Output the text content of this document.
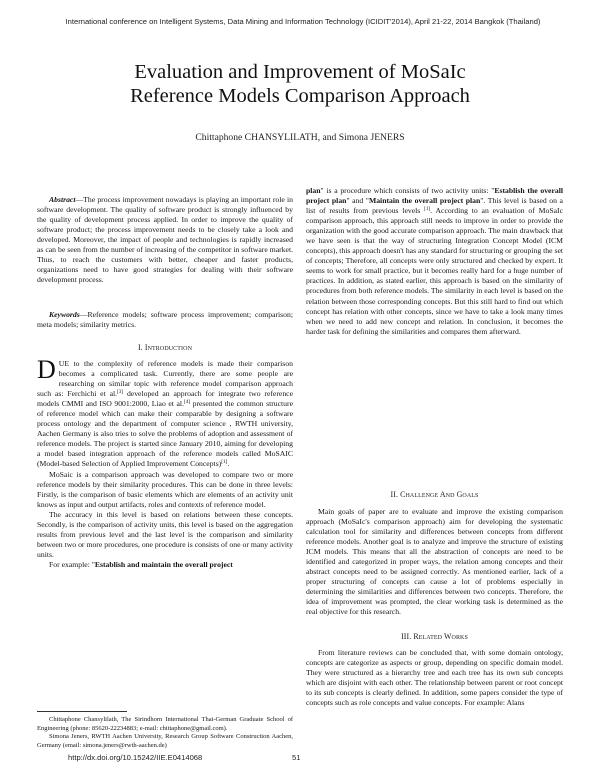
International conference on Intelligent Systems, Data Mining and Information Technology (ICIDIT'2014), April 21-22, 2014 Bangkok (Thailand)
Evaluation and Improvement of MoSaIc
Reference Models Comparison Approach
Chittaphone CHANSYLILATH, and Simona JENERS

Abstract—The process improvement nowadays is playing an important role in software development. The quality of software product is strongly influenced by the quality of development process applied. In order to improve the quality of software product; the process improvement needs to be closely take a look and developed. Moreover, the impact of people and technologies is rapidly increased as can be seen from the number of increasing of the competitor in software market. Thus, to reach the customers with better, cheaper and faster products, organizations need to have good strategies for dealing with their software development process.

Keywords—Reference models; software process improvement; comparison; meta models; similarity metrics.

I. Introduction

DUE to the complexity of reference models is made their comparison becomes a complicated task. Currently, there are some people are researching on similar topic with reference model comparison approach such as: Ferchichi et al.[3] developed an approach for integrate two reference models CMMI and ISO 9001:2000, Liao et al.[4] presented the common structure of reference model which can make their comparable by designing a software process ontology and the department of computer science , RWTH university, Aachen Germany is also tries to solve the problems of adoption and assessment of reference models. The project is started since January 2010, aiming for developing a model based integration approach of the reference models called MoSAIC (Model-based Selection of Applied Improvement Concepts)[1].

MoSaic is a comparison approach was developed to compare two or more reference models by their similarity procedures. This can be done in three levels: Firstly, is the comparison of basic elements which are elements of an activity unit knows as input and output artifacts, roles and contexts of reference model.

The accuracy in this level is based on relations between these concepts. Secondly, is the comparison of activity units, this level is based on the aggregation results from previous level and the last level is the comparison and similarity between two or more procedures, one procedure is consists of one or many activity units.

For example: "Establish and maintain the overall project

Chittaphone Chansylilath, The Sirindhorn International Thai-German Graduate School of Engineering (phone: 85620-22234883; e-mail: chittaphone@gmail.com).

Simona Jeners, RWTH Aachen University, Research Group Software Construction Aachen, Germany (email: simona.jeners@rwth-aachen.de)

plan" is a procedure which consists of two activity units: "Establish the overall project plan" and "Maintain the overall project plan". This level is based on a list of results from previous levels [1]. According to an evaluation of MoSaIc comparison approach, this approach still needs to improve in order to provide the organization with the good accurate comparison approach. The main drawback that we have seen is that the way of structuring Integration Concept Model (ICM concepts), this approach doesn't has any standard for structuring or grouping the set of concepts; Therefore, all concepts were only structured and checked by expert. It seems to work for small practice, but it becomes really hard for a huge number of practices. In addition, as stated earlier, this approach is based on the similarity of procedures from both reference models. The similarity in each level is based on the relation between those corresponding concepts. But this still hard to find out which concept has relation with other concepts, since we have to take a look many times when we need to add new concept and relation. In conclusion, it becomes the harder task for defining the similarities and compares them afterward.

II. Challenge And Goals

Main goals of paper are to evaluate and improve the existing comparison approach (MoSaIc's comparison approach) aim for developing the systematic calculation tool for similarity and differences between concepts from different reference models. Another goal is to analyze and improve the structure of existing ICM models. This means that all the abstraction of concepts are need to be identified and categorized in proper ways, the relation among concepts and their abstract concepts need to be assigned correctly. As mentioned earlier, lack of a proper structuring of concepts can cause a lot of problems especially in determining the similarities and differences between two concepts. Therefore, the idea of improvement was prompted, the clear working task is determined as the real objective for this research.

III. Related Works

From literature reviews can be concluded that, with some domain ontology, concepts are categorize as aspects or group, depending on specific domain model. They were structured as a hierarchy tree and each tree has its own sub concepts which are disjoint with each other. The relationship between parent or root concept to its sub concepts is clearly defined. In addition, some papers consider the type of concepts such as role concepts and value concepts. For example: Alans

http://dx.doi.org/10.15242/IIE.E0414068	51
